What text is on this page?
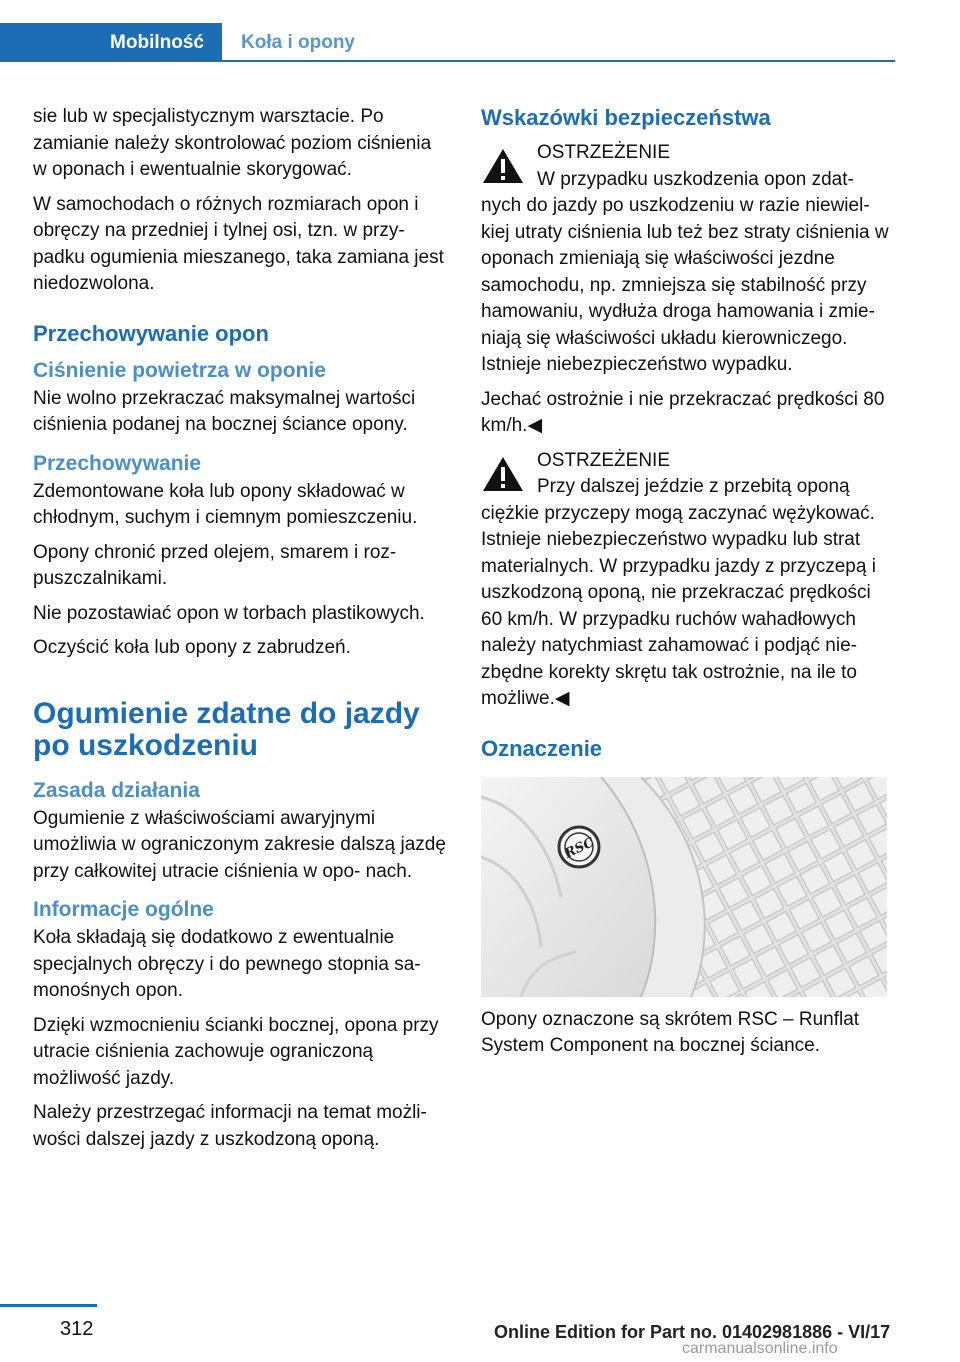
Mobilność	Koła i opony

sie lub w specjalistycznym warsztacie. Po zamianie należy skontrolować poziom ciśnienia w oponach i ewentualnie skorygować.

W samochodach o różnych rozmiarach opon i obręczy na przedniej i tylnej osi, tzn. w przy‐ padku ogumienia mieszanego, taka zamiana jest niedozwolona.

Przechowywanie opon
Ciśnienie powietrza w oponie

Nie wolno przekraczać maksymalnej wartości ciśnienia podanej na bocznej ściance opony.

Przechowywanie

Zdemontowane koła lub opony składować w chłodnym, suchym i ciemnym pomieszczeniu.

Opony chronić przed olejem, smarem i roz‐ puszczalnikami.

Nie pozostawiać opon w torbach plastikowych.

Oczyścić koła lub opony z zabrudzeń.

Ogumienie zdatne do jazdy po uszkodzeniu
Zasada działania

Ogumienie z właściwościami awaryjnymi umożliwia w ograniczonym zakresie dalszą jazdę przy całkowitej utracie ciśnienia w opo‐ nach.

Informacje ogólne

Koła składają się dodatkowo z ewentualnie specjalnych obręczy i do pewnego stopnia sa‐ monośnych opon.

Dzięki wzmocnieniu ścianki bocznej, opona przy utracie ciśnienia zachowuje ograniczoną możliwość jazdy.

Należy przestrzegać informacji na temat możli‐ wości dalszej jazdy z uszkodzoną oponą.

Wskazówki bezpieczeństwa
OSTRZEŻENIE

W przypadku uszkodzenia opon zdat‐ nych do jazdy po uszkodzeniu w razie niewiel‐ kiej utraty ciśnienia lub też bez straty ciśnienia w oponach zmieniają się właściwości jezdne samochodu, np. zmniejsza się stabilność przy hamowaniu, wydłuża droga hamowania i zmie‐ niają się właściwości układu kierowniczego. Istnieje niebezpieczeństwo wypadku.

Jechać ostrożnie i nie przekraczać prędkości 80 km/h.◀

OSTRZEŻENIE

Przy dalszej jeździe z przebitą oponą ciężkie przyczepy mogą zaczynać wężykować. Istnieje niebezpieczeństwo wypadku lub strat materialnych. W przypadku jazdy z przyczepą i uszkodzoną oponą, nie przekraczać prędkości 60 km/h. W przypadku ruchów wahadłowych należy natychmiast zahamować i podjąć nie‐ zbędne korekty skrętu tak ostrożnie, na ile to możliwe.◀

Oznaczenie
RSC

Opony oznaczone są skrótem RSC – Runflat System Component na bocznej ściance.

312	Online Edition for Part no. 01402981886 - VI/17
carmanualsonline.info
